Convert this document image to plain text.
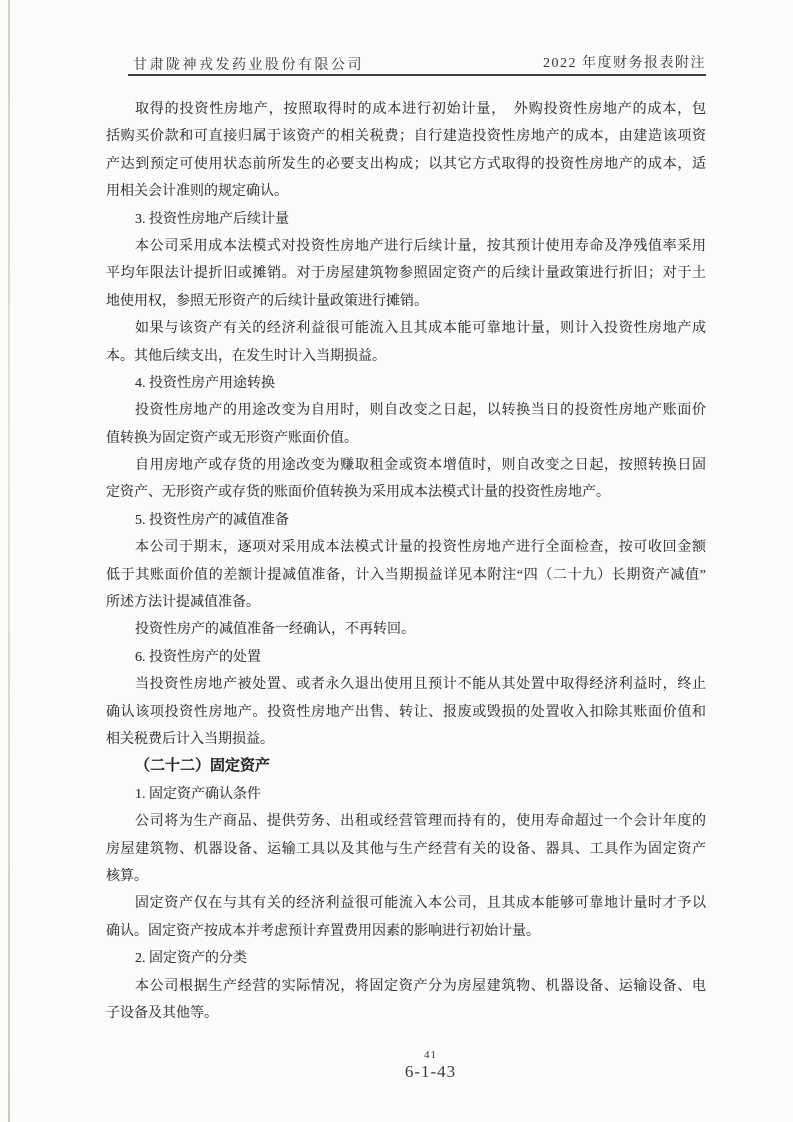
甘肃陇神戎发药业股份有限公司	2022 年度财务报表附注
取得的投资性房地产，按照取得时的成本进行初始计量，　外购投资性房地产的成本，包
括购买价款和可直接归属于该资产的相关税费；自行建造投资性房地产的成本，由建造该项资
产达到预定可使用状态前所发生的必要支出构成；以其它方式取得的投资性房地产的成本，适
用相关会计准则的规定确认。
3. 投资性房地产后续计量
本公司采用成本法模式对投资性房地产进行后续计量，按其预计使用寿命及净残值率采用
平均年限法计提折旧或摊销。对于房屋建筑物参照固定资产的后续计量政策进行折旧；对于土
地使用权，参照无形资产的后续计量政策进行摊销。
如果与该资产有关的经济利益很可能流入且其成本能可靠地计量，则计入投资性房地产成
本。其他后续支出，在发生时计入当期损益。
4. 投资性房产用途转换
投资性房地产的用途改变为自用时，则自改变之日起，以转换当日的投资性房地产账面价
值转换为固定资产或无形资产账面价值。
自用房地产或存货的用途改变为赚取租金或资本增值时，则自改变之日起，按照转换日固
定资产、无形资产或存货的账面价值转换为采用成本法模式计量的投资性房地产。
5. 投资性房产的减值准备
本公司于期末，逐项对采用成本法模式计量的投资性房地产进行全面检查，按可收回金额
低于其账面价值的差额计提减值准备，计入当期损益详见本附注“四（二十九）长期资产减值”
所述方法计提减值准备。
投资性房产的减值准备一经确认，不再转回。
6. 投资性房产的处置
当投资性房地产被处置、或者永久退出使用且预计不能从其处置中取得经济利益时，终止
确认该项投资性房地产。投资性房地产出售、转让、报废或毁损的处置收入扣除其账面价值和
相关税费后计入当期损益。
（二十二）固定资产
1. 固定资产确认条件
公司将为生产商品、提供劳务、出租或经营管理而持有的，使用寿命超过一个会计年度的
房屋建筑物、机器设备、运输工具以及其他与生产经营有关的设备、器具、工具作为固定资产
核算。
固定资产仅在与其有关的经济利益很可能流入本公司，且其成本能够可靠地计量时才予以
确认。固定资产按成本并考虑预计弃置费用因素的影响进行初始计量。
2. 固定资产的分类
本公司根据生产经营的实际情况，将固定资产分为房屋建筑物、机器设备、运输设备、电
子设备及其他等。
41
6-1-43
